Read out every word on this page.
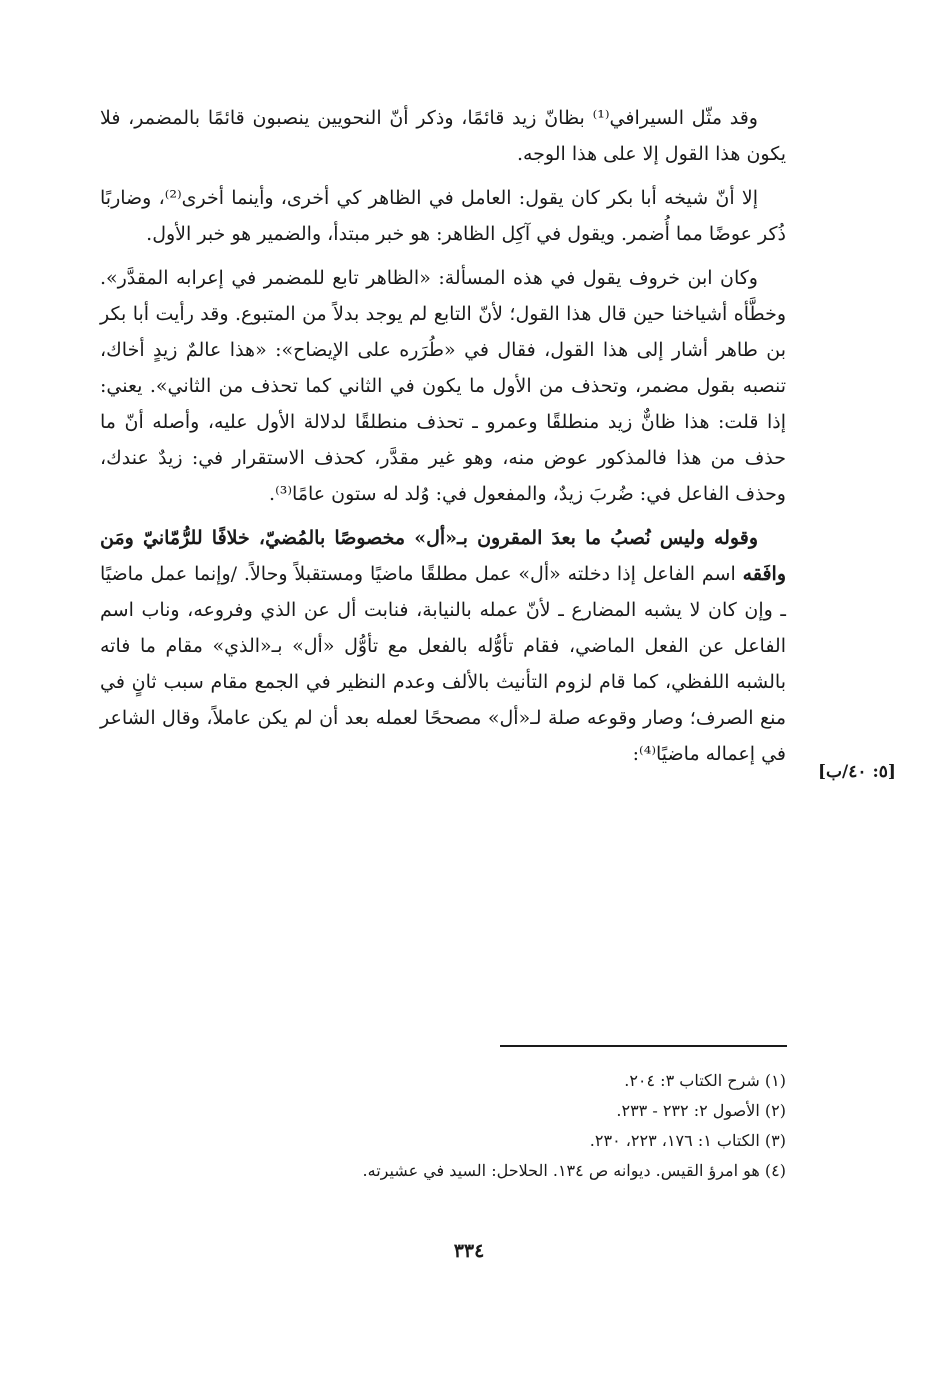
وقد مثّل السيرافي⁽¹⁾ بظانّ زيد قائمًا، وذكر أنّ النحويين ينصبون قائمًا بالمضمر، فلا يكون هذا القول إلا على هذا الوجه.

إلا أنّ شيخه أبا بكر كان يقول: العامل في الظاهر كي أخرى، وأينما أخرى⁽²⁾، وضاربًا ذُكر عوضًا مما أُضمر. ويقول في آكِل الظاهر: هو خبر مبتدأ، والضمير هو خبر الأول.

وكان ابن خروف يقول في هذه المسألة: «الظاهر تابع للمضمر في إعرابه المقدَّر». وخطَّأه أشياخنا حين قال هذا القول؛ لأنّ التابع لم يوجد بدلاً من المتبوع. وقد رأيت أبا بكر بن طاهر أشار إلى هذا القول، فقال في «طُرَره على الإيضاح»: «هذا عالمٌ زيدٍ أخاك، تنصبه بقول مضمر، وتحذف من الأول ما يكون في الثاني كما تحذف من الثاني». يعني: إذا قلت: هذا ظانٌّ زيد منطلقًا وعمرو ـ تحذف منطلقًا لدلالة الأول عليه، وأصله أنّ ما حذف من هذا فالمذكور عوض منه، وهو غير مقدَّر، كحذف الاستقرار في: زيدٌ عندك، وحذف الفاعل في: ضُربَ زيدٌ، والمفعول في: وُلد له ستون عامًا⁽³⁾.

وقوله وليس نُصبُ ما بعدَ المقرون بـ«أل» مخصوصًا بالمُضيّ، خلافًا للرُّمّانيّ ومَن وافَقه اسم الفاعل إذا دخلته «أل» عمل مطلقًا ماضيًا ومستقبلاً وحالاً. /وإنما عمل ماضيًا ـ وإن كان لا يشبه المضارع ـ لأنّ عمله بالنيابة، فنابت أل عن الذي وفروعه، وناب اسم الفاعل عن الفعل الماضي، فقام تأوُّله بالفعل مع تأوُّل «أل» بـ«الذي» مقام ما فاته بالشبه اللفظي، كما قام لزوم التأنيث بالألف وعدم النظير في الجمع مقام سبب ثانٍ في منع الصرف؛ وصار وقوعه صلة لـ«أل» مصححًا لعمله بعد أن لم يكن عاملاً، وقال الشاعر في إعماله ماضيًا⁽⁴⁾:

[٥: ٤٠/ب]
(١) شرح الكتاب ٣: ٢٠٤.
(٢) الأصول ٢: ٢٣٢ - ٢٣٣.
(٣) الكتاب ١: ١٧٦، ٢٢٣، ٢٣٠.
(٤) هو امرؤ القيس. ديوانه ص ١٣٤. الحلاحل: السيد في عشيرته.
٣٣٤
